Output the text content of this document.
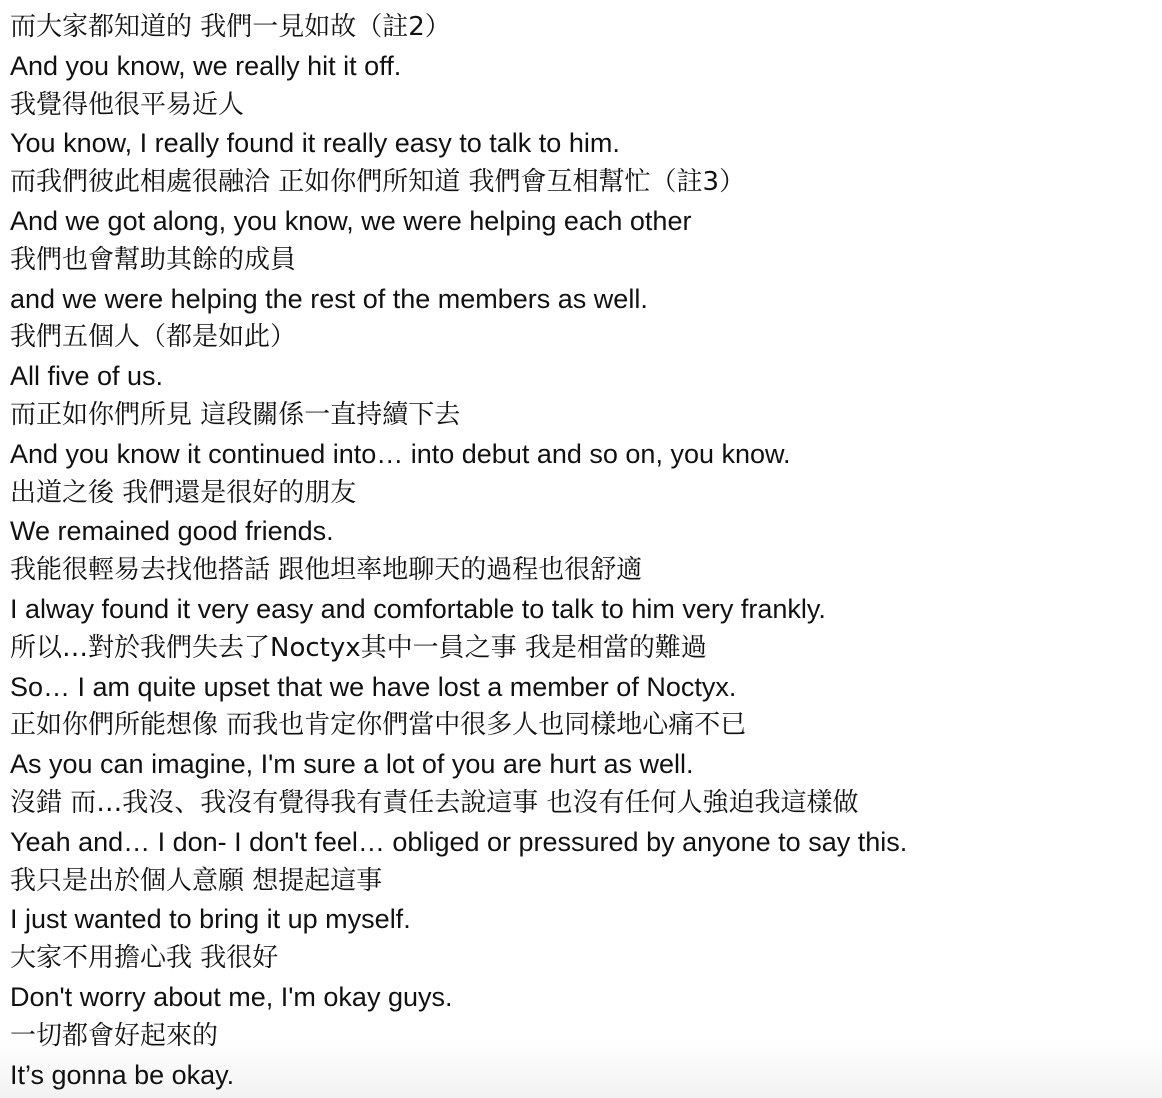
而大家都知道的 我們一見如故（註2）
And you know, we really hit it off.
我覺得他很平易近人
You know, I really found it really easy to talk to him.
而我們彼此相處很融洽 正如你們所知道 我們會互相幫忙（註3）
And we got along, you know, we were helping each other
我們也會幫助其餘的成員
and we were helping the rest of the members as well.
我們五個人（都是如此）
All five of us.
而正如你們所見 這段關係一直持續下去
And you know it continued into… into debut and so on, you know.
出道之後 我們還是很好的朋友
We remained good friends.
我能很輕易去找他搭話 跟他坦率地聊天的過程也很舒適
I alway found it very easy and comfortable to talk to him very frankly.
所以…對於我們失去了Noctyx其中一員之事 我是相當的難過
So… I am quite upset that we have lost a member of Noctyx.
正如你們所能想像 而我也肯定你們當中很多人也同樣地心痛不已
As you can imagine, I'm sure a lot of you are hurt as well.
沒錯 而…我沒、我沒有覺得我有責任去說這事 也沒有任何人強迫我這樣做
Yeah and… I don- I don't feel… obliged or pressured by anyone to say this.
我只是出於個人意願 想提起這事
I just wanted to bring it up myself.
大家不用擔心我 我很好
Don't worry about me, I'm okay guys.
一切都會好起來的
It’s gonna be okay.
